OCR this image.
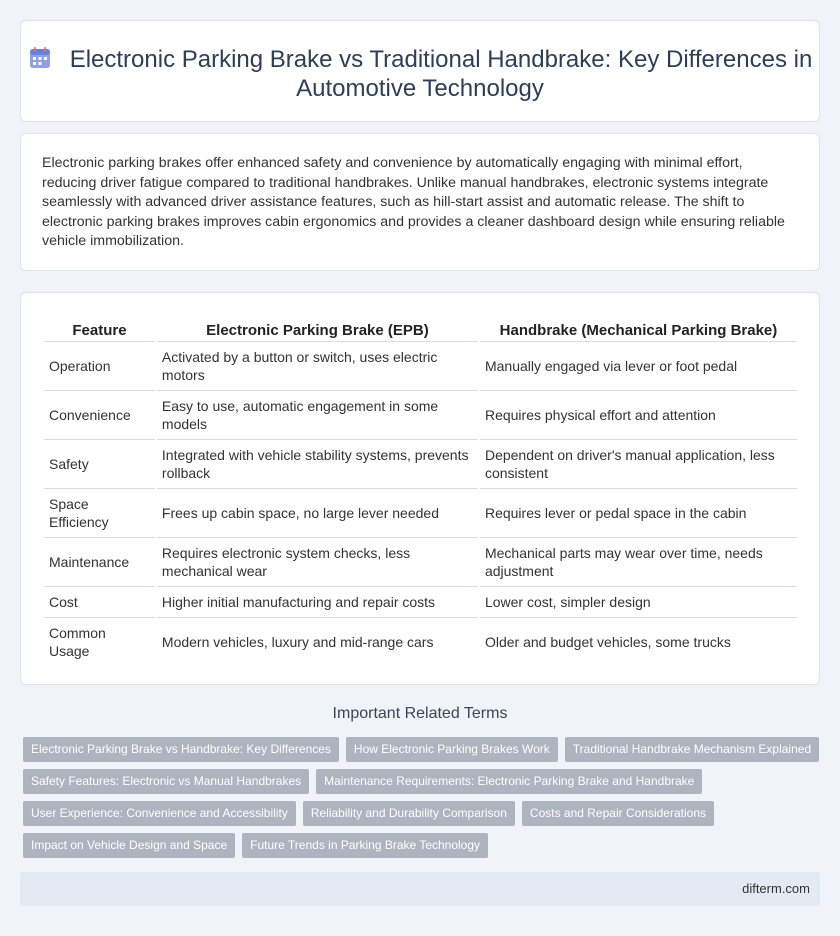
Electronic Parking Brake vs Traditional Handbrake: Key Differences in Automotive Technology

Electronic parking brakes offer enhanced safety and convenience by automatically engaging with minimal effort, reducing driver fatigue compared to traditional handbrakes. Unlike manual handbrakes, electronic systems integrate seamlessly with advanced driver assistance features, such as hill-start assist and automatic release. The shift to electronic parking brakes improves cabin ergonomics and provides a cleaner dashboard design while ensuring reliable vehicle immobilization.

Feature	Electronic Parking Brake (EPB)	Handbrake (Mechanical Parking Brake)
Operation	Activated by a button or switch, uses electric motors	Manually engaged via lever or foot pedal
Convenience	Easy to use, automatic engagement in some models	Requires physical effort and attention
Safety	Integrated with vehicle stability systems, prevents rollback	Dependent on driver's manual application, less consistent
Space Efficiency	Frees up cabin space, no large lever needed	Requires lever or pedal space in the cabin
Maintenance	Requires electronic system checks, less mechanical wear	Mechanical parts may wear over time, needs adjustment
Cost	Higher initial manufacturing and repair costs	Lower cost, simpler design
Common Usage	Modern vehicles, luxury and mid-range cars	Older and budget vehicles, some trucks
Important Related Terms
Electronic Parking Brake vs Handbrake: Key Differences	How Electronic Parking Brakes Work	Traditional Handbrake Mechanism Explained
Safety Features: Electronic vs Manual Handbrakes	Maintenance Requirements: Electronic Parking Brake and Handbrake
User Experience: Convenience and Accessibility	Reliability and Durability Comparison	Costs and Repair Considerations
Impact on Vehicle Design and Space	Future Trends in Parking Brake Technology
difterm.com
